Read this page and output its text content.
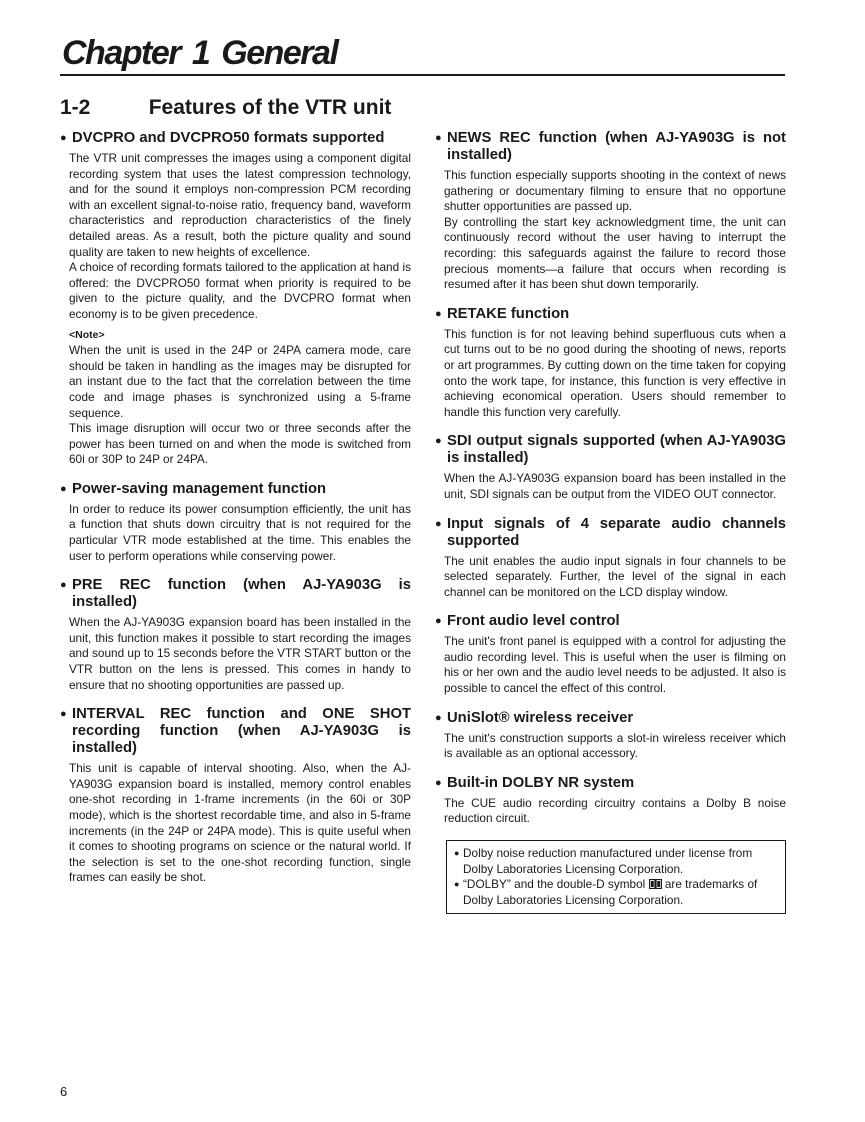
Chapter 1 General
1-2	Features of the VTR unit
● DVCPRO and DVCPRO50 formats supported

The VTR unit compresses the images using a component digital recording system that uses the latest compression technology, and for the sound it employs non-compression PCM recording with an excellent signal-to-noise ratio, frequency band, waveform characteristics and reproduction characteristics of the finely detailed areas. As a result, both the picture quality and sound quality are taken to new heights of excellence.

A choice of recording formats tailored to the application at hand is offered: the DVCPRO50 format when priority is required to be given to the picture quality, and the DVCPRO format when economy is to be given precedence.

<Note>

When the unit is used in the 24P or 24PA camera mode, care should be taken in handling as the images may be disrupted for an instant due to the fact that the correlation between the time code and image phases is synchronized using a 5-frame sequence.

This image disruption will occur two or three seconds after the power has been turned on and when the mode is switched from 60i or 30P to 24P or 24PA.

● Power-saving management function

In order to reduce its power consumption efficiently, the unit has a function that shuts down circuitry that is not required for the particular VTR mode established at the time. This enables the user to perform operations while conserving power.

● PRE REC function (when AJ-YA903G is installed)

When the AJ-YA903G expansion board has been installed in the unit, this function makes it possible to start recording the images and sound up to 15 seconds before the VTR START button or the VTR button on the lens is pressed. This comes in handy to ensure that no shooting opportunities are passed up.

● INTERVAL REC function and ONE SHOT recording function (when AJ-YA903G is installed)

This unit is capable of interval shooting. Also, when the AJ-YA903G expansion board is installed, memory control enables one-shot recording in 1-frame increments (in the 60i or 30P mode), which is the shortest recordable time, and also in 5-frame increments (in the 24P or 24PA mode). This is quite useful when it comes to shooting programs on science or the natural world. If the selection is set to the one-shot recording function, single frames can easily be shot.

● NEWS REC function (when AJ-YA903G is not installed)

This function especially supports shooting in the context of news gathering or documentary filming to ensure that no opportune shutter opportunities are passed up.

By controlling the start key acknowledgment time, the unit can continuously record without the user having to interrupt the recording: this safeguards against the failure to record those precious moments—a failure that occurs when recording is resumed after it has been shut down temporarily.

● RETAKE function

This function is for not leaving behind superfluous cuts when a cut turns out to be no good during the shooting of news, reports or art programmes. By cutting down on the time taken for copying onto the work tape, for instance, this function is very effective in achieving economical operation. Users should remember to handle this function very carefully.

● SDI output signals supported (when AJ-YA903G is installed)

When the AJ-YA903G expansion board has been installed in the unit, SDI signals can be output from the VIDEO OUT connector.

● Input signals of 4 separate audio channels supported

The unit enables the audio input signals in four channels to be selected separately. Further, the level of the signal in each channel can be monitored on the LCD display window.

● Front audio level control

The unit's front panel is equipped with a control for adjusting the audio recording level. This is useful when the user is filming on his or her own and the audio level needs to be adjusted. It also is possible to cancel the effect of this control.

● UniSlot® wireless receiver

The unit's construction supports a slot-in wireless receiver which is available as an optional accessory.

● Built-in DOLBY NR system

The CUE audio recording circuitry contains a Dolby B noise reduction circuit.

● Dolby noise reduction manufactured under license from Dolby Laboratories Licensing Corporation.
● “DOLBY” and the double-D symbol are trademarks of Dolby Laboratories Licensing Corporation.
6
